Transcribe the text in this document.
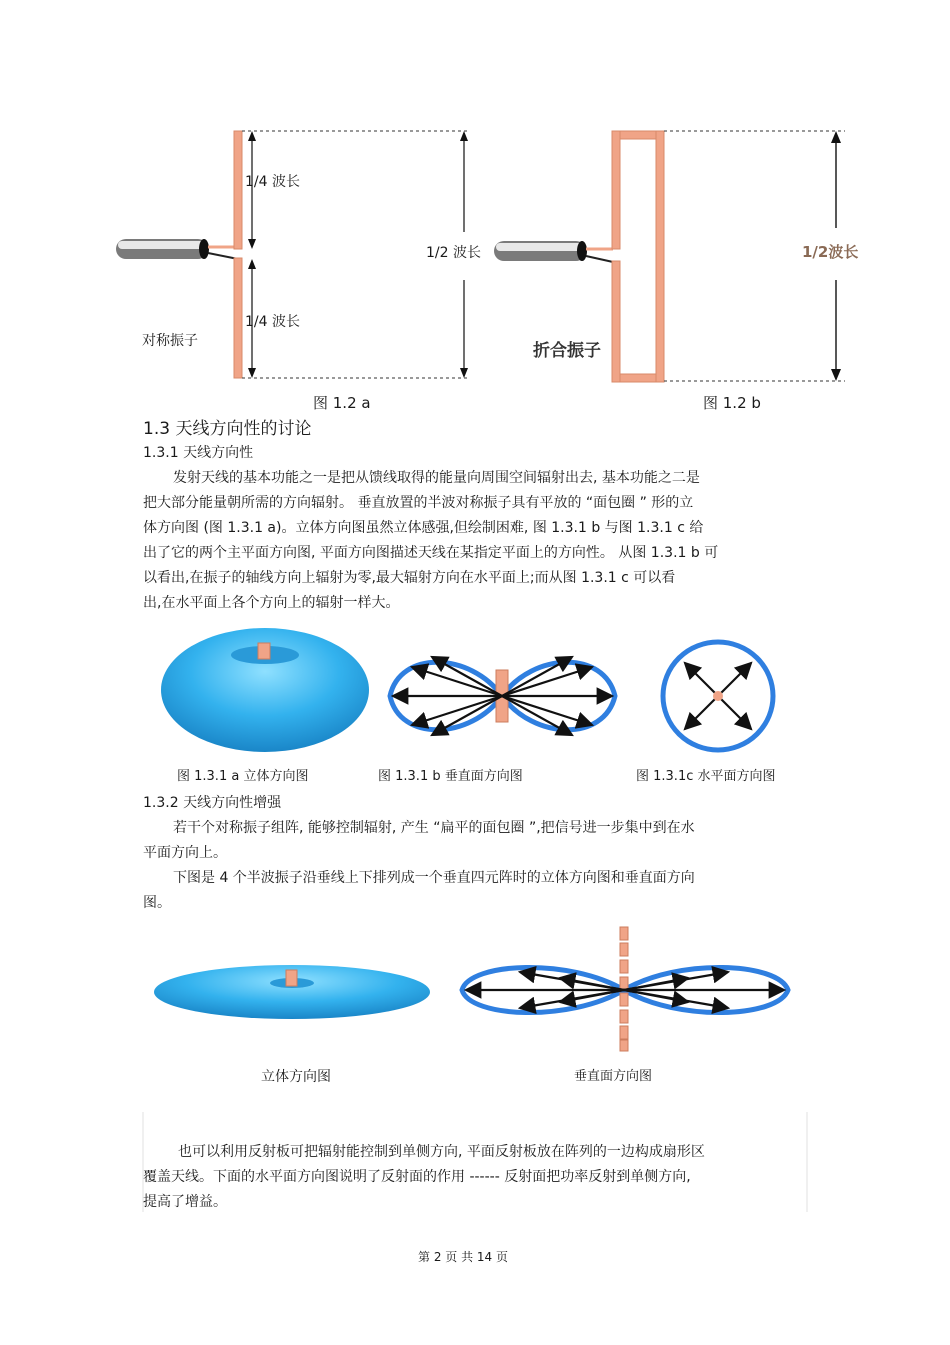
1/4 波长
1/4 波长
1/2 波长
对称振子
图 1.2 a
1/2波长
折合振子
图 1.2 b
1.3 天线方向性的讨论
1.3.1 天线方向性
发射天线的基本功能之一是把从馈线取得的能量向周围空间辐射出去, 基本功能之二是
把大部分能量朝所需的方向辐射。 垂直放置的半波对称振子具有平放的 “面包圈 ” 形的立
体方向图 (图 1.3.1 a)。立体方向图虽然立体感强,但绘制困难, 图 1.3.1 b 与图 1.3.1 c 给
出了它的两个主平面方向图, 平面方向图描述天线在某指定平面上的方向性。 从图 1.3.1 b 可
以看出,在振子的轴线方向上辐射为零,最大辐射方向在水平面上;而从图 1.3.1 c 可以看
出,在水平面上各个方向上的辐射一样大。
图 1.3.1 a 立体方向图	图 1.3.1 b 垂直面方向图	图 1.3.1c 水平面方向图
1.3.2 天线方向性增强
若干个对称振子组阵, 能够控制辐射, 产生 “扁平的面包圈 ”,把信号进一步集中到在水
平面方向上。
下图是 4 个半波振子沿垂线上下排列成一个垂直四元阵时的立体方向图和垂直面方向
图。
立体方向图	垂直面方向图
也可以利用反射板可把辐射能控制到单侧方向, 平面反射板放在阵列的一边构成扇形区
覆盖天线。下面的水平面方向图说明了反射面的作用 ------ 反射面把功率反射到单侧方向,
提高了增益。
第 2 页 共 14 页
